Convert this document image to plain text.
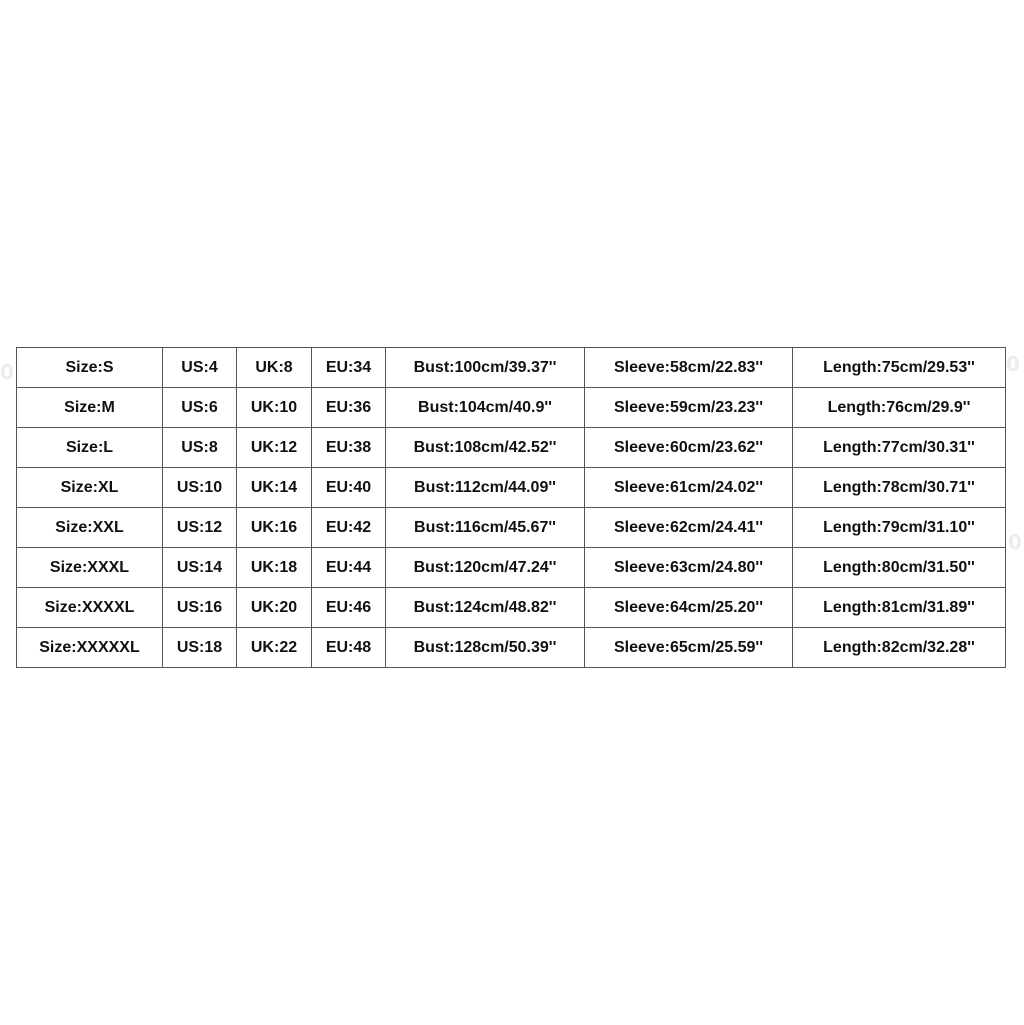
0	0
0
Size:S	US:4	UK:8	EU:34	Bust:100cm/39.37''	Sleeve:58cm/22.83''	Length:75cm/29.53''
Size:M	US:6	UK:10	EU:36	Bust:104cm/40.9''	Sleeve:59cm/23.23''	Length:76cm/29.9''
Size:L	US:8	UK:12	EU:38	Bust:108cm/42.52''	Sleeve:60cm/23.62''	Length:77cm/30.31''
Size:XL	US:10	UK:14	EU:40	Bust:112cm/44.09''	Sleeve:61cm/24.02''	Length:78cm/30.71''
Size:XXL	US:12	UK:16	EU:42	Bust:116cm/45.67''	Sleeve:62cm/24.41''	Length:79cm/31.10''
Size:XXXL	US:14	UK:18	EU:44	Bust:120cm/47.24''	Sleeve:63cm/24.80''	Length:80cm/31.50''
Size:XXXXL	US:16	UK:20	EU:46	Bust:124cm/48.82''	Sleeve:64cm/25.20''	Length:81cm/31.89''
Size:XXXXXL	US:18	UK:22	EU:48	Bust:128cm/50.39''	Sleeve:65cm/25.59''	Length:82cm/32.28''
